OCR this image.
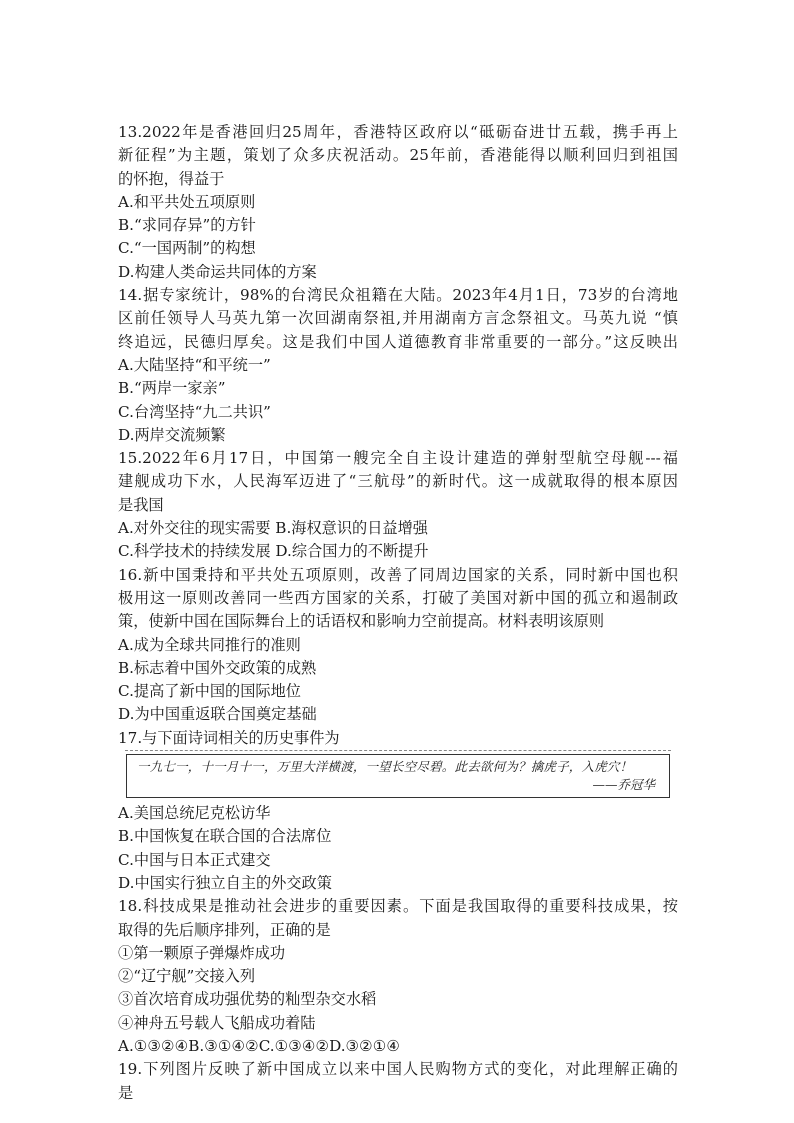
13.2022年是香港回归25周年，香港特区政府以“砥砺奋进廿五载，携手再上
新征程”为主题，策划了众多庆祝活动。25年前，香港能得以顺利回归到祖国
的怀抱，得益于
A.和平共处五项原则
B.“求同存异”的方针
C.“一国两制”的构想
D.构建人类命运共同体的方案
14.据专家统计，98%的台湾民众祖籍在大陆。2023年4月1日，73岁的台湾地
区前任领导人马英九第一次回湖南祭祖,并用湖南方言念祭祖文。马英九说 “慎
终追远，民德归厚矣。这是我们中国人道德教育非常重要的一部分。”这反映出
A.大陆坚持“和平统一”
B.“两岸一家亲”
C.台湾坚持“九二共识”
D.两岸交流频繁
15.2022年6月17日，中国第一艘完全自主设计建造的弹射型航空母舰---福
建舰成功下水，人民海军迈进了“三航母”的新时代。这一成就取得的根本原因
是我国
A.对外交往的现实需要 B.海权意识的日益增强
C.科学技术的持续发展 D.综合国力的不断提升
16.新中国秉持和平共处五项原则，改善了同周边国家的关系，同时新中国也积
极用这一原则改善同一些西方国家的关系，打破了美国对新中国的孤立和遏制政
策，使新中国在国际舞台上的话语权和影响力空前提高。材料表明该原则
A.成为全球共同推行的准则
B.标志着中国外交政策的成熟
C.提高了新中国的国际地位
D.为中国重返联合国奠定基础
17.与下面诗词相关的历史事件为
一九七一，十一月十一，万里大洋横渡，一望长空尽碧。此去欲何为？擒虎子，入虎穴！
——乔冠华
A.美国总统尼克松访华
B.中国恢复在联合国的合法席位
C.中国与日本正式建交
D.中国实行独立自主的外交政策
18.科技成果是推动社会进步的重要因素。下面是我国取得的重要科技成果，按
取得的先后顺序排列，正确的是
①第一颗原子弹爆炸成功
②“辽宁舰”交接入列
③首次培育成功强优势的籼型杂交水稻
④神舟五号载人飞船成功着陆
A.①③②④B.③①④②C.①③④②D.③②①④
19.下列图片反映了新中国成立以来中国人民购物方式的变化，对此理解正确的
是
